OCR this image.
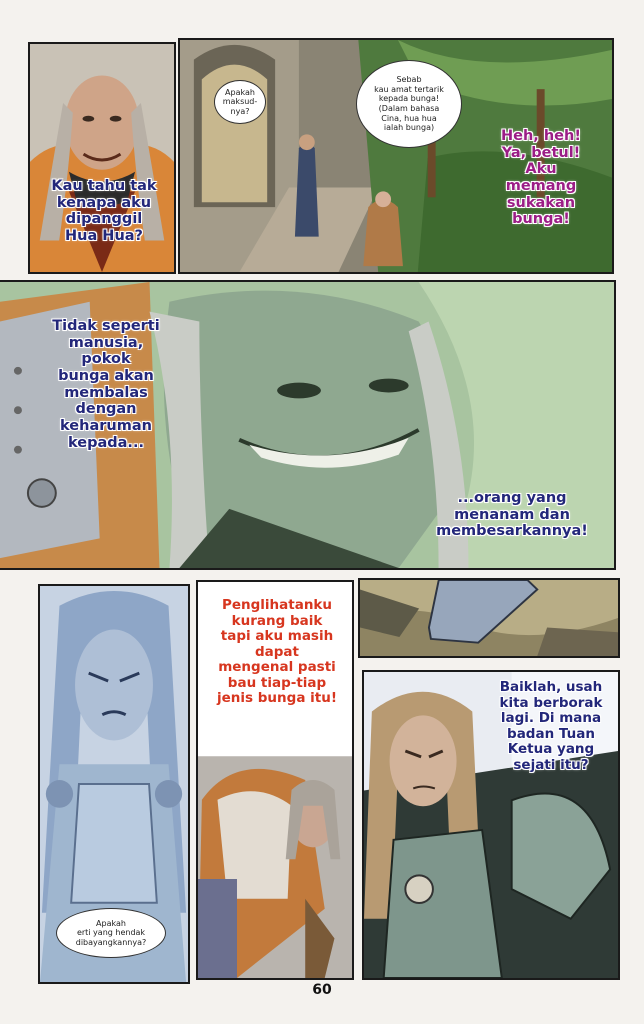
Kau tahu tak
kenapa aku
dipanggil
Hua Hua?
Apakah
maksud-
nya?
Sebab
kau amat tertarik
kepada bunga!
(Dalam bahasa
Cina, hua hua
ialah bunga)
Heh, heh!
Ya, betul!
Aku
memang
sukakan
bunga!
Tidak seperti
manusia,
pokok
bunga akan
membalas
dengan
keharuman
kepada...
...orang yang
menanam dan
membesarkannya!
Apakah
erti yang hendak
dibayangkannya?
Penglihatanku
kurang baik
tapi aku masih
dapat
mengenal pasti
bau tiap-tiap
jenis bunga itu!
Baiklah, usah
kita berborak
lagi. Di mana
badan Tuan
Ketua yang
sejati itu?
60
